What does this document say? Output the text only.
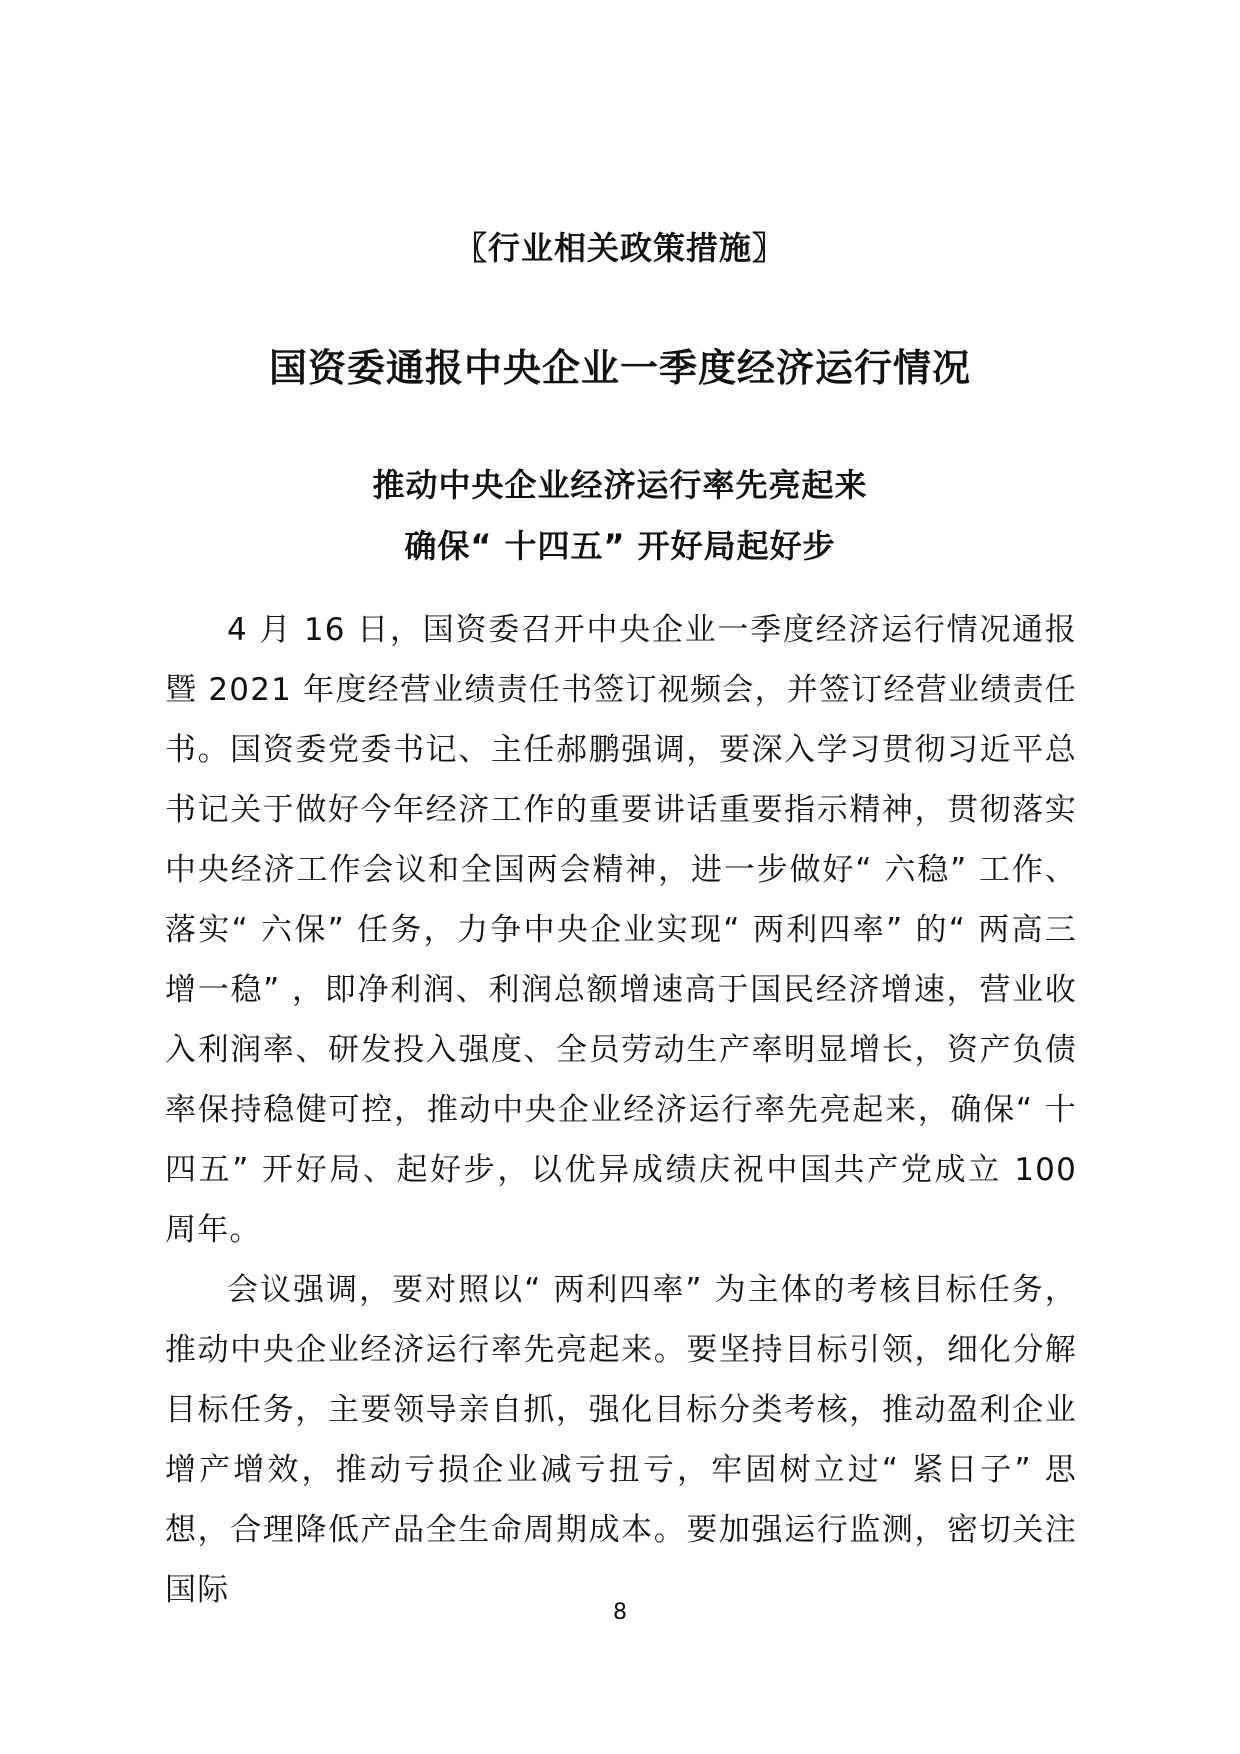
〖行业相关政策措施〗
国资委通报中央企业一季度经济运行情况
推动中央企业经济运行率先亮起来
确保“ 十四五” 开好局起好步

4 月 16 日，国资委召开中央企业一季度经济运行情况通报暨 2021 年度经营业绩责任书签订视频会，并签订经营业绩责任书。国资委党委书记、主任郝鹏强调，要深入学习贯彻习近平总书记关于做好今年经济工作的重要讲话重要指示精神，贯彻落实中央经济工作会议和全国两会精神，进一步做好“ 六稳” 工作、落实“ 六保” 任务，力争中央企业实现“ 两利四率” 的“ 两高三增一稳” ，即净利润、利润总额增速高于国民经济增速，营业收入利润率、研发投入强度、全员劳动生产率明显增长，资产负债率保持稳健可控，推动中央企业经济运行率先亮起来，确保“ 十四五” 开好局、起好步，以优异成绩庆祝中国共产党成立 100 周年。

会议强调，要对照以“ 两利四率” 为主体的考核目标任务，推动中央企业经济运行率先亮起来。要坚持目标引领，细化分解目标任务，主要领导亲自抓，强化目标分类考核，推动盈利企业增产增效，推动亏损企业减亏扭亏，牢固树立过“ 紧日子” 思想，合理降低产品全生命周期成本。要加强运行监测，密切关注国际

8
